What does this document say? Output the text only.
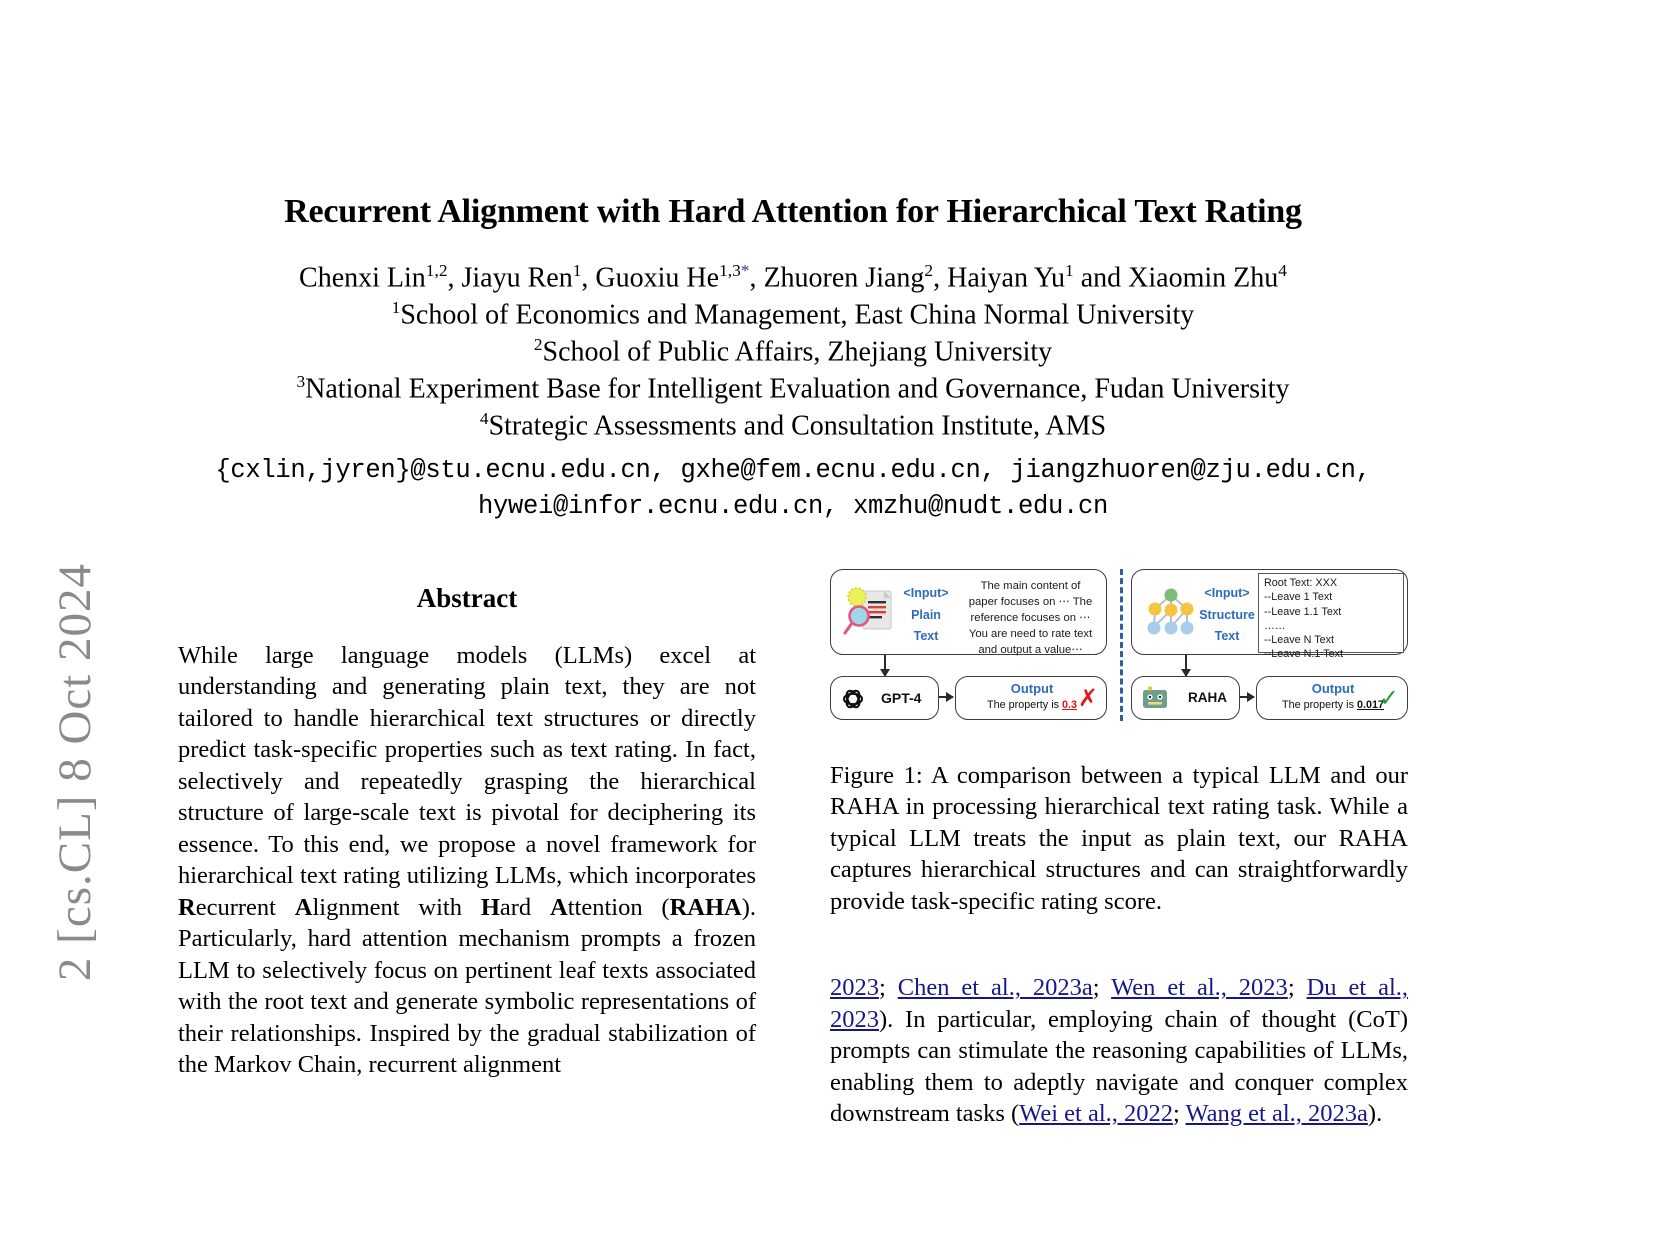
2 [cs.CL] 8 Oct 2024
Recurrent Alignment with Hard Attention for Hierarchical Text Rating
Chenxi Lin$^{1,2}$, Jiayu Ren$^1$, Guoxiu $He^{1,3*}$, Zhuoren Jiang$^2$, Haiyan Yu$^1$ and Xiaomin Zhu$^4$
$^1$School of Economics and Management, East China Normal University
$^2$School of Public Affairs, Zhejiang University
$^3$National Experiment Base for Intelligent Evaluation and Governance, Fudan University
$^4$Strategic Assessments and Consultation Institute, AMS
{cxlin,jyren}@stu.ecnu.edu.cn, gxhe@fem.ecnu.edu.cn, jiangzhuoren@zju.edu.cn,
hywei@infor.ecnu.edu.cn, xmzhu@nudt.edu.cn
Abstract
While large language models (LLMs) excel at understanding and generating plain text, they are not tailored to handle hierarchical text structures or directly predict task-specific properties such as text rating. In fact, selectively and repeatedly grasping the hierarchical structure of large-scale text is pivotal for deciphering its essence. To this end, we propose a novel framework for hierarchical text rating utilizing LLMs, which incorporates Recurrent Alignment with Hard Attention (RAHA). Particularly, hard attention mechanism prompts a frozen LLM to selectively focus on pertinent leaf texts associated with the root text and generate symbolic representations of their relationships. Inspired by the gradual stabilization of the Markov Chain, recurrent alignment
<Input>
Plain
Text
The main content of
paper focuses on ⋯ The
reference focuses on ⋯
You are need to rate text
and output a value⋯
GPT-4
Output
The property is 0.3 ✗
<Input>
Structure
Text
Root Text: XXX
--Leave 1 Text
--Leave 1.1 Text
……
--Leave N Text
--Leave N.1 Text
RAHA
Output
The property is 0.017
✓
Figure 1: A comparison between a typical LLM and our RAHA in processing hierarchical text rating task. While a typical LLM treats the input as plain text, our RAHA captures hierarchical structures and can straightforwardly provide task-specific rating score.
2023; Chen et al., 2023a; Wen et al., 2023; Du et al., 2023). In particular, employing chain of thought (CoT) prompts can stimulate the reasoning capabilities of LLMs, enabling them to adeptly navigate and conquer complex downstream tasks (Wei et al., 2022; Wang et al., 2023a).
